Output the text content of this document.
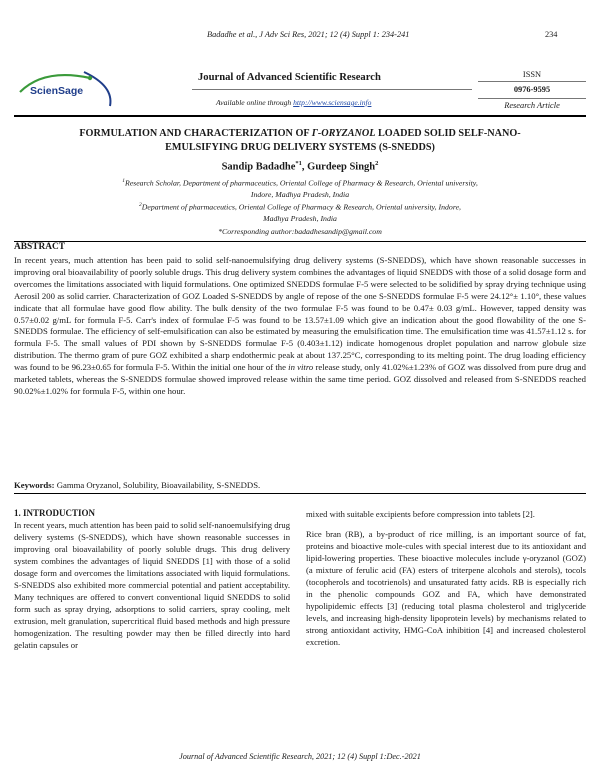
Badadhe et al., J Adv Sci Res, 2021; 12 (4) Suppl 1: 234-241	234
ScienSage
Journal of Advanced Scientific Research
Available online through http://www.sciensage.info
ISSN
0976-9595
Research Article
FORMULATION AND CHARACTERIZATION OF Γ-ORYZANOL LOADED SOLID SELF-NANO-
EMULSIFYING DRUG DELIVERY SYSTEMS (S-SNEDDS)
Sandip Badadhe$^{*1}$, Gurdeep Singh$^2$
$^1$Research Scholar, Department of pharmaceutics, Oriental College of Pharmacy & Research, Oriental university,
Indore, Madhya Pradesh, India
$^2$Department of pharmaceutics, Oriental College of Pharmacy & Research, Oriental university, Indore,
Madhya Pradesh, India
*Corresponding author:badadhesandip@gmail.com
ABSTRACT
In recent years, much attention has been paid to solid self-nanoemulsifying drug delivery systems (S-SNEDDS), which have shown reasonable successes in improving oral bioavailability of poorly soluble drugs. This drug delivery system combines the advantages of liquid SNEDDS with those of a solid dosage form and overcomes the limitations associated with liquid formulations. One optimized SNEDDS formulae F-5 were selected to be solidified by spray drying technique using Aerosil 200 as solid carrier. Characterization of GOZ Loaded S-SNEDDS by angle of repose of the one S-SNEDDS formulae F-5 were 24.12°± 1.10°, these values indicate that all formulae have good flow ability. The bulk density of the two formulae F-5 was found to be 0.47± 0.03 g/mL. However, tapped density was 0.57±0.02 g/mL for formula F-5. Carr's index of formulae F-5 was found to be 13.57±1.09 which give an indication about the good flowability of the one S-SNEDDS formulae. The efficiency of self-emulsification can also be estimated by measuring the emulsification time. The emulsification time was 41.57±1.12 s. for formula F-5. The small values of PDI shown by S-SNEDDS formulae F-5 (0.403±1.12) indicate homogenous droplet population and narrow globule size distribution. The thermo gram of pure GOZ exhibited a sharp endothermic peak at about 137.25°C, corresponding to its melting point. The drug loading efficiency was found to be 96.23±0.65 for formula F-5. Within the initial one hour of the in vitro release study, only 41.02%±1.23% of GOZ was dissolved from pure drug and marketed tablets, whereas the S-SNEDDS formulae showed improved release within the same time period. GOZ dissolved and released from S-SNEDDS reached 90.02%±1.02% for formula F-5, within one hour.
Keywords: Gamma Oryzanol, Solubility, Bioavailability, S-SNEDDS.
1. INTRODUCTION

In recent years, much attention has been paid to solid self-nanoemulsifying drug delivery systems (S-SNEDDS), which have shown reasonable successes in improving oral bioavailability of poorly soluble drugs. This drug delivery system combines the advantages of liquid SNEDDS [1] with those of a solid dosage form and overcomes the limitations associated with liquid formulations. S-SNEDDS also exhibited more commercial potential and patient acceptability. Many techniques are offered to convert conventional liquid SNEDDS to solid form such as spray drying, adsorptions to solid carriers, spray cooling, melt extrusion, melt granulation, supercritical fluid based methods and high pressure homogenization. The resulting powder may then be filled directly into hard gelatin capsules or

mixed with suitable excipients before compression into tablets [2].

Rice bran (RB), a by-product of rice milling, is an important source of fat, proteins and bioactive mole-cules with special interest due to its antioxidant and lipid-lowering properties. These bioactive molecules include γ-oryzanol (GOZ) (a mixture of ferulic acid (FA) esters of triterpene alcohols and sterols), tocols (tocopherols and tocotrienols) and unsaturated fatty acids. RB is especially rich in the phenolic compounds GOZ and FA, which have demonstrated hypolipidemic effects [3] (reducing total plasma cholesterol and triglyceride levels, and increasing high-density lipoprotein levels) by mechanisms related to strong antioxidant activity, HMG-CoA inhibition [4] and increased cholesterol excretion.

Journal of Advanced Scientific Research, 2021; 12 (4) Suppl 1:Dec.-2021
